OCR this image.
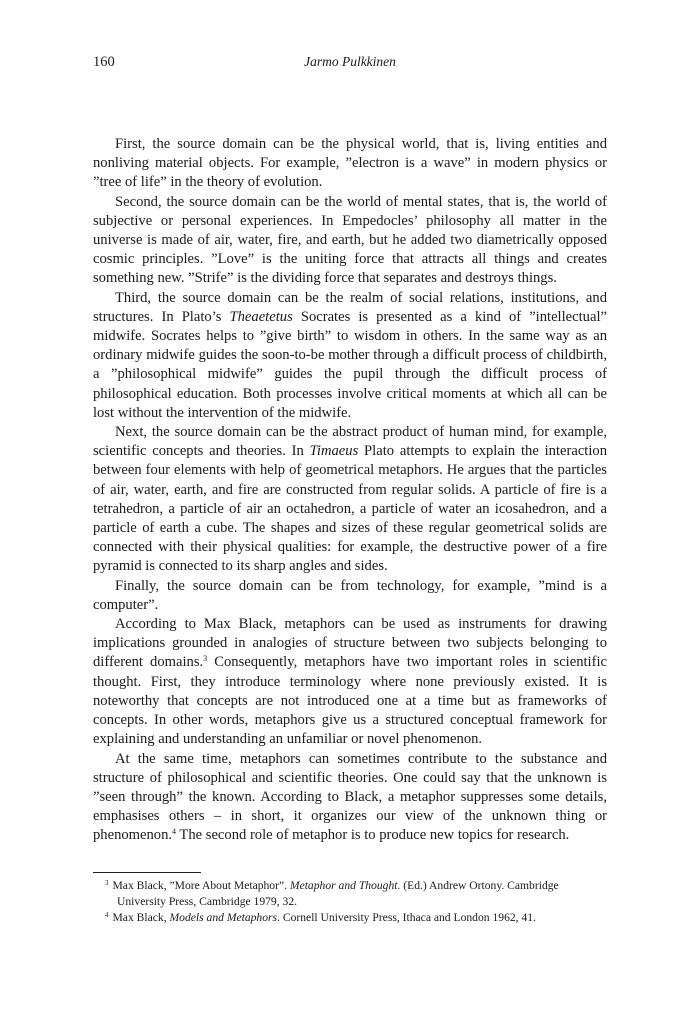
160	Jarmo Pulkkinen

First, the source domain can be the physical world, that is, living entities and nonliving material objects. For example, ”electron is a wave” in modern physics or ”tree of life” in the theory of evolution.

Second, the source domain can be the world of mental states, that is, the world of subjective or personal experiences. In Empedocles’ philosophy all matter in the universe is made of air, water, fire, and earth, but he added two diametrically opposed cosmic principles. ”Love” is the uniting force that attracts all things and creates something new. ”Strife” is the dividing force that separates and destroys things.

Third, the source domain can be the realm of social relations, institutions, and structures. In Plato’s Theaetetus Socrates is presented as a kind of ”intellectual” midwife. Socrates helps to ”give birth” to wisdom in others. In the same way as an ordinary midwife guides the soon-to-be mother through a difficult process of childbirth, a ”philosophical midwife” guides the pupil through the difficult process of philosophical education. Both processes involve critical moments at which all can be lost without the intervention of the midwife.

Next, the source domain can be the abstract product of human mind, for example, scientific concepts and theories. In Timaeus Plato attempts to explain the interaction between four elements with help of geometrical metaphors. He argues that the particles of air, water, earth, and fire are constructed from regular solids. A particle of fire is a tetrahedron, a particle of air an octahedron, a particle of water an icosahedron, and a particle of earth a cube. The shapes and sizes of these regular geometrical solids are connected with their physical qualities: for example, the destructive power of a fire pyramid is connected to its sharp angles and sides.

Finally, the source domain can be from technology, for example, ”mind is a computer”.

According to Max Black, metaphors can be used as instruments for drawing implications grounded in analogies of structure between two subjects belonging to different domains.$^3$ Consequently, metaphors have two important roles in scientific thought. First, they introduce terminology where none previously existed. It is noteworthy that concepts are not introduced one at a time but as frameworks of concepts. In other words, metaphors give us a structured conceptual framework for explaining and understanding an unfamiliar or novel phenomenon.

At the same time, metaphors can sometimes contribute to the substance and structure of philosophical and scientific theories. One could say that the unknown is ”seen through” the known. According to Black, a metaphor suppresses some details, emphasises others – in short, it organizes our view of the unknown thing or phenomenon.$^4$ The second role of metaphor is to produce new topics for research.

$^3$ Max Black, ”More About Metaphor”. Metaphor and Thought. (Ed.) Andrew Ortony. Cambridge University Press, Cambridge 1979, 32.

$^4$ Max Black, Models and Metaphors. Cornell University Press, Ithaca and London 1962, 41.
